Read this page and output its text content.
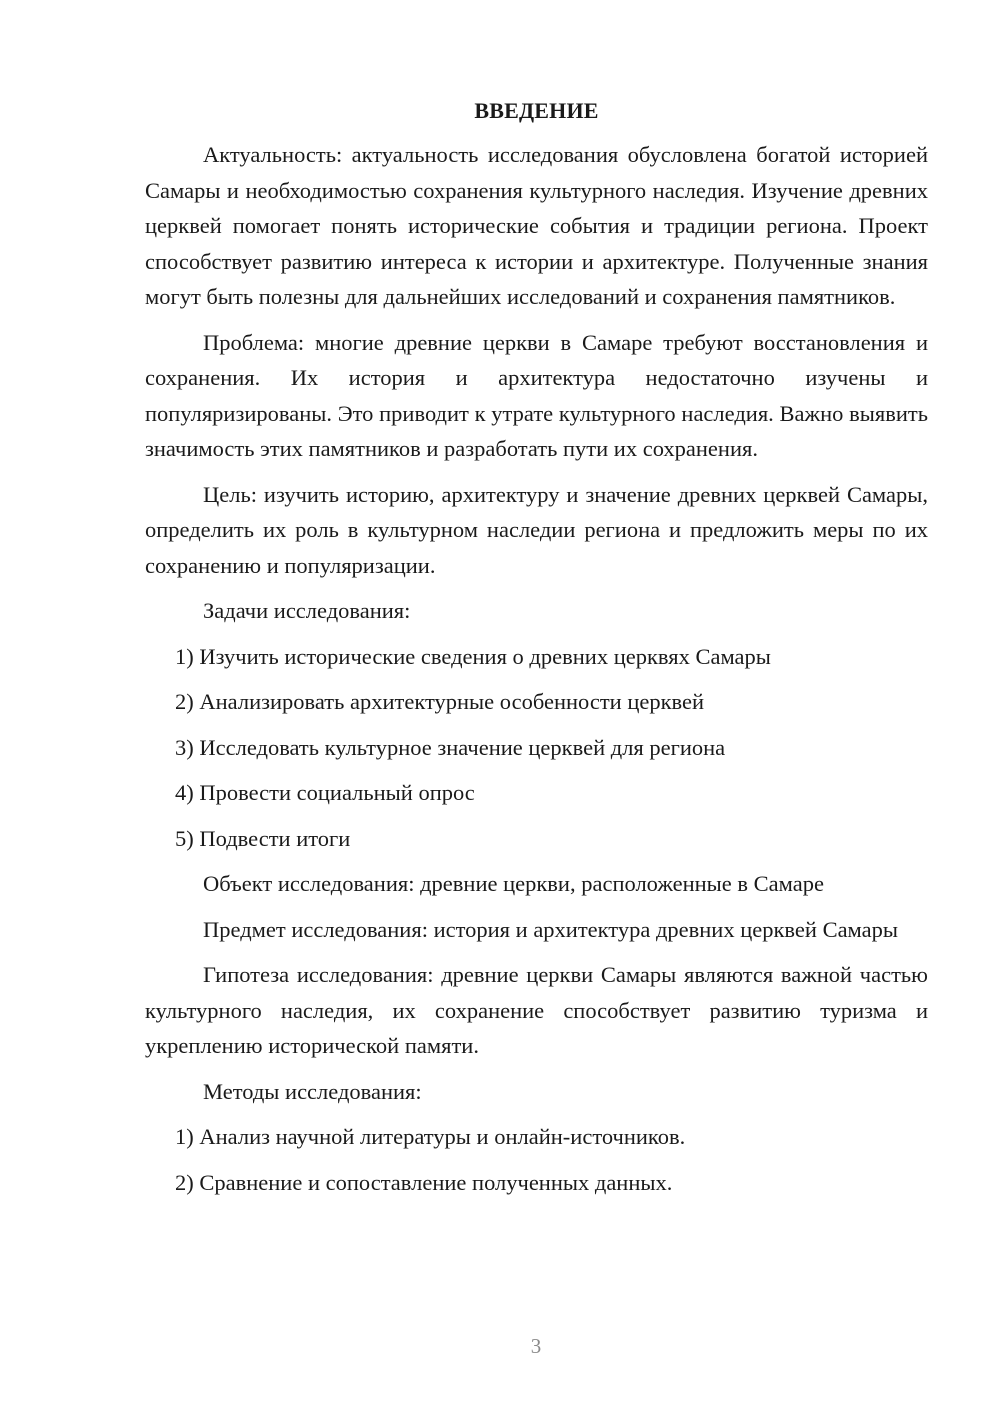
ВВЕДЕНИЕ

Актуальность: актуальность исследования обусловлена богатой историей Самары и необходимостью сохранения культурного наследия. Изучение древних церквей помогает понять исторические события и традиции региона. Проект способствует развитию интереса к истории и архитектуре. Полученные знания могут быть полезны для дальнейших исследований и сохранения памятников.

Проблема: многие древние церкви в Самаре требуют восстановления и сохранения. Их история и архитектура недостаточно изучены и популяризированы. Это приводит к утрате культурного наследия. Важно выявить значимость этих памятников и разработать пути их сохранения.

Цель: изучить историю, архитектуру и значение древних церквей Самары, определить их роль в культурном наследии региона и предложить меры по их сохранению и популяризации.

Задачи исследования:
1) Изучить исторические сведения о древних церквях Самары
2) Анализировать архитектурные особенности церквей
3) Исследовать культурное значение церквей для региона
4) Провести социальный опрос
5) Подвести итоги
Объект исследования: древние церкви, расположенные в Самаре

Предмет исследования: история и архитектура древних церквей Самары

Гипотеза исследования: древние церкви Самары являются важной частью культурного наследия, их сохранение способствует развитию туризма и укреплению исторической памяти.

Методы исследования:
1) Анализ научной литературы и онлайн-источников.
2) Сравнение и сопоставление полученных данных.
3
